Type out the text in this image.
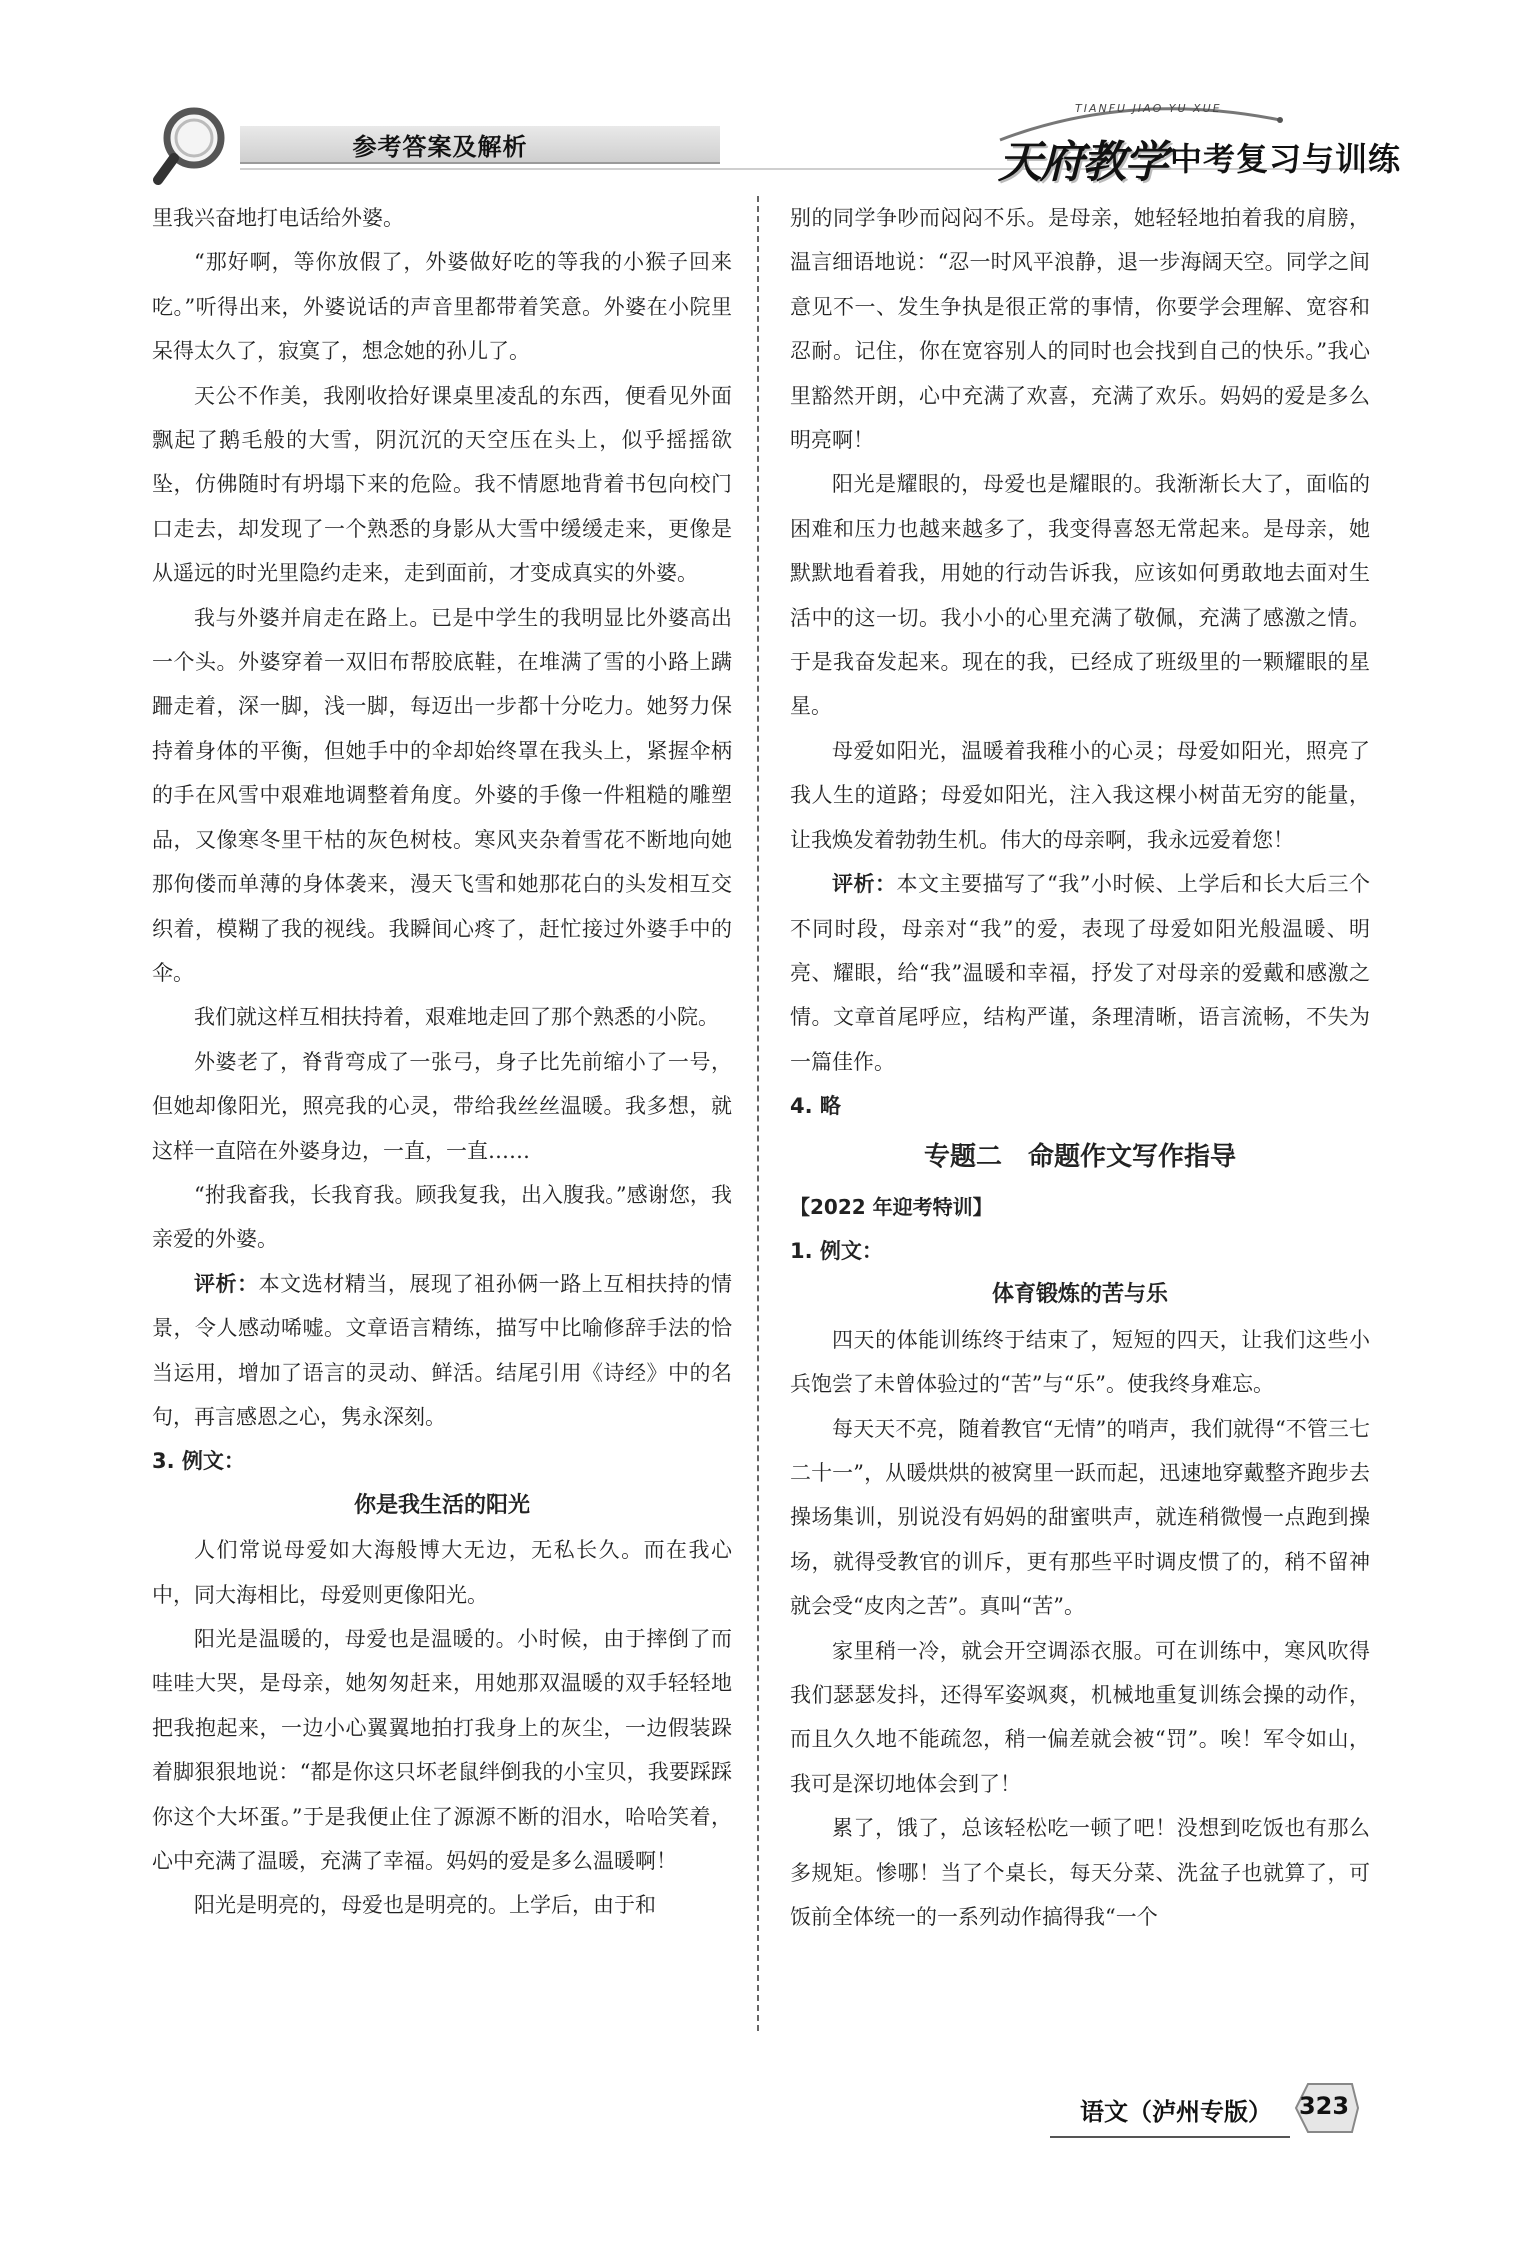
参考答案及解析
TIANFU JIAO YU XUE
天府教学 中考复习与训练

里我兴奋地打电话给外婆。

“那好啊，等你放假了，外婆做好吃的等我的小猴子回来吃。”听得出来，外婆说话的声音里都带着笑意。外婆在小院里呆得太久了，寂寞了，想念她的孙儿了。

天公不作美，我刚收拾好课桌里凌乱的东西，便看见外面飘起了鹅毛般的大雪，阴沉沉的天空压在头上，似乎摇摇欲坠，仿佛随时有坍塌下来的危险。我不情愿地背着书包向校门口走去，却发现了一个熟悉的身影从大雪中缓缓走来，更像是从遥远的时光里隐约走来，走到面前，才变成真实的外婆。

我与外婆并肩走在路上。已是中学生的我明显比外婆高出一个头。外婆穿着一双旧布帮胶底鞋，在堆满了雪的小路上蹒跚走着，深一脚，浅一脚，每迈出一步都十分吃力。她努力保持着身体的平衡，但她手中的伞却始终罩在我头上，紧握伞柄的手在风雪中艰难地调整着角度。外婆的手像一件粗糙的雕塑品，又像寒冬里干枯的灰色树枝。寒风夹杂着雪花不断地向她那佝偻而单薄的身体袭来，漫天飞雪和她那花白的头发相互交织着，模糊了我的视线。我瞬间心疼了，赶忙接过外婆手中的伞。

我们就这样互相扶持着，艰难地走回了那个熟悉的小院。

外婆老了，脊背弯成了一张弓，身子比先前缩小了一号，但她却像阳光，照亮我的心灵，带给我丝丝温暖。我多想，就这样一直陪在外婆身边，一直，一直……

“拊我畜我，长我育我。顾我复我，出入腹我。”感谢您，我亲爱的外婆。

评析：本文选材精当，展现了祖孙俩一路上互相扶持的情景，令人感动唏嘘。文章语言精练，描写中比喻修辞手法的恰当运用，增加了语言的灵动、鲜活。结尾引用《诗经》中的名句，再言感恩之心，隽永深刻。

3. 例文：

你是我生活的阳光

人们常说母爱如大海般博大无边，无私长久。而在我心中，同大海相比，母爱则更像阳光。

阳光是温暖的，母爱也是温暖的。小时候，由于摔倒了而哇哇大哭，是母亲，她匆匆赶来，用她那双温暖的双手轻轻地把我抱起来，一边小心翼翼地拍打我身上的灰尘，一边假装跺着脚狠狠地说：“都是你这只坏老鼠绊倒我的小宝贝，我要踩踩你这个大坏蛋。”于是我便止住了源源不断的泪水，哈哈笑着，心中充满了温暖，充满了幸福。妈妈的爱是多么温暖啊！

阳光是明亮的，母爱也是明亮的。上学后，由于和

别的同学争吵而闷闷不乐。是母亲，她轻轻地拍着我的肩膀，温言细语地说：“忍一时风平浪静，退一步海阔天空。同学之间意见不一、发生争执是很正常的事情，你要学会理解、宽容和忍耐。记住，你在宽容别人的同时也会找到自己的快乐。”我心里豁然开朗，心中充满了欢喜，充满了欢乐。妈妈的爱是多么明亮啊！

阳光是耀眼的，母爱也是耀眼的。我渐渐长大了，面临的困难和压力也越来越多了，我变得喜怒无常起来。是母亲，她默默地看着我，用她的行动告诉我，应该如何勇敢地去面对生活中的这一切。我小小的心里充满了敬佩，充满了感激之情。于是我奋发起来。现在的我，已经成了班级里的一颗耀眼的星星。

母爱如阳光，温暖着我稚小的心灵；母爱如阳光，照亮了我人生的道路；母爱如阳光，注入我这棵小树苗无穷的能量，让我焕发着勃勃生机。伟大的母亲啊，我永远爱着您！

评析：本文主要描写了“我”小时候、上学后和长大后三个不同时段，母亲对“我”的爱，表现了母爱如阳光般温暖、明亮、耀眼，给“我”温暖和幸福，抒发了对母亲的爱戴和感激之情。文章首尾呼应，结构严谨，条理清晰，语言流畅，不失为一篇佳作。

4. 略

专题二　命题作文写作指导

【2022 年迎考特训】

1. 例文：

体育锻炼的苦与乐

四天的体能训练终于结束了，短短的四天，让我们这些小兵饱尝了未曾体验过的“苦”与“乐”。使我终身难忘。

每天天不亮，随着教官“无情”的哨声，我们就得“不管三七二十一”，从暖烘烘的被窝里一跃而起，迅速地穿戴整齐跑步去操场集训，别说没有妈妈的甜蜜哄声，就连稍微慢一点跑到操场，就得受教官的训斥，更有那些平时调皮惯了的，稍不留神就会受“皮肉之苦”。真叫“苦”。

家里稍一冷，就会开空调添衣服。可在训练中，寒风吹得我们瑟瑟发抖，还得军姿飒爽，机械地重复训练会操的动作，而且久久地不能疏忽，稍一偏差就会被“罚”。唉！军令如山，我可是深切地体会到了！

累了，饿了，总该轻松吃一顿了吧！没想到吃饭也有那么多规矩。惨哪！当了个桌长，每天分菜、洗盆子也就算了，可饭前全体统一的一系列动作搞得我“一个

语文（泸州专版）	323
